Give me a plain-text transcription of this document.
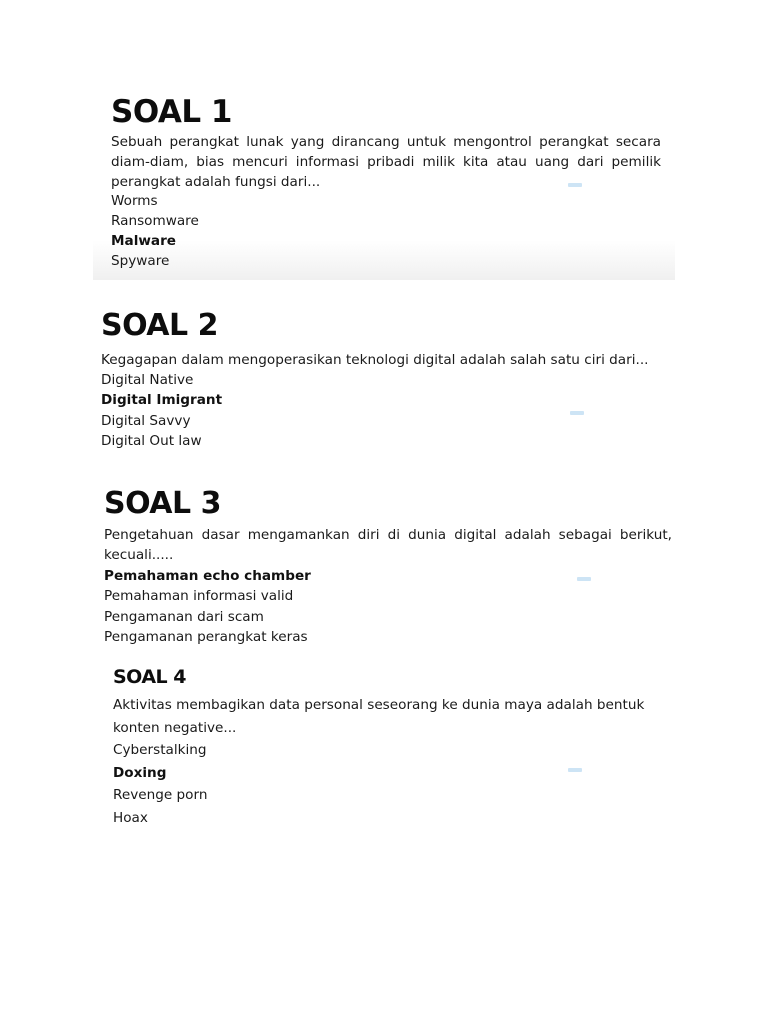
SOAL 1

Sebuah perangkat lunak yang dirancang untuk mengontrol perangkat secara diam-diam, bias mencuri informasi pribadi milik kita atau uang dari pemilik perangkat adalah fungsi dari...

Worms
Ransomware
Malware
Spyware
SOAL 2

Kegagapan dalam mengoperasikan teknologi digital adalah salah satu ciri dari...

Digital Native
Digital Imigrant
Digital Savvy
Digital Out law
SOAL 3

Pengetahuan dasar mengamankan diri di dunia digital adalah sebagai berikut, kecuali.....

Pemahaman echo chamber
Pemahaman informasi valid
Pengamanan dari scam
Pengamanan perangkat keras
SOAL 4

Aktivitas membagikan data personal seseorang ke dunia maya adalah bentuk konten negative...

Cyberstalking
Doxing
Revenge porn
Hoax
